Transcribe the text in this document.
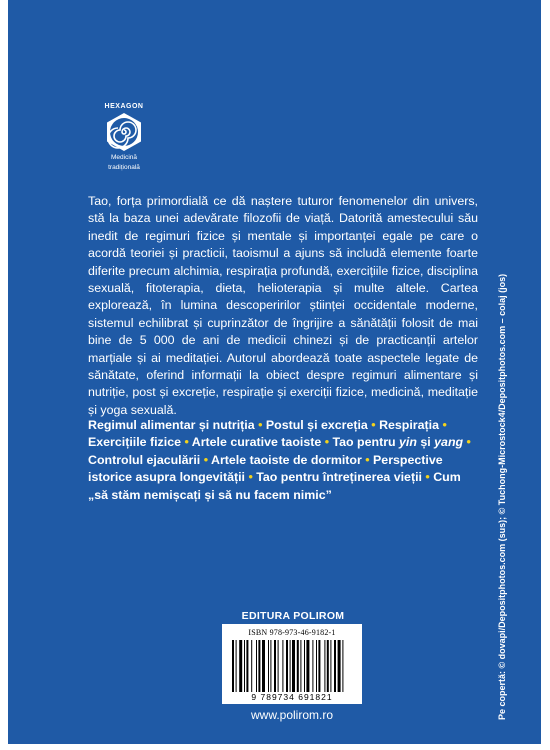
HEXAGON
Medicină
tradițională

Tao, forța primordială ce dă naștere tuturor fenomenelor din univers, stă la baza unei adevărate filozofii de viață. Datorită amestecului său inedit de regimuri fizice și mentale și importanței egale pe care o acordă teoriei și practicii, taoismul a ajuns să includă elemente foarte diferite precum alchimia, respirația profundă, exercițiile fizice, disciplina sexuală, fitoterapia, dieta, helioterapia și multe altele. Cartea explorează, în lumina descoperirilor științei occidentale moderne, sistemul echilibrat și cuprinzător de îngrijire a sănătății folosit de mai bine de 5 000 de ani de medicii chinezi și de practicanții artelor marțiale și ai meditației. Autorul abordează toate aspectele legate de sănătate, oferind informații la obiect despre regimuri alimentare și nutriție, post și excreție, respirație și exerciții fizice, medicină, meditație și yoga sexuală.

Regimul alimentar și nutriția • Postul și excreția • Respirația • Exercițiile fizice • Artele curative taoiste • Tao pentru yin și yang • Controlul ejaculării • Artele taoiste de dormitor • Perspective istorice asupra longevității • Tao pentru întreținerea vieții • Cum „să stăm nemișcați și să nu facem nimic”

EDITURA POLIROM
ISBN 978-973-46-9182-1
9 789734 691821
www.polirom.ro	Pe copertă: © dovapi/Depositphotos.com (sus); © Tuchong-Microstock4/Depositphotos.com – colaj (jos)
